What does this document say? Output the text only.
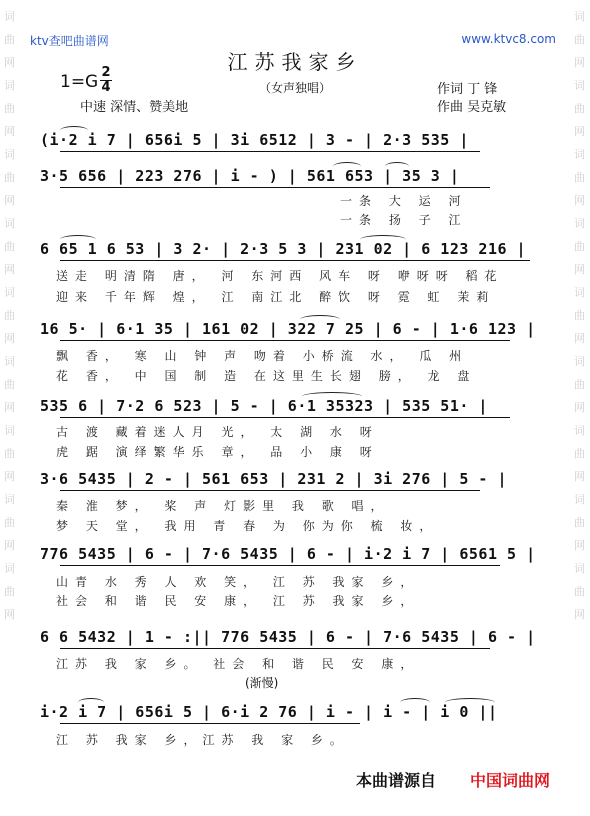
词
曲
网
词
曲
网
词
曲
网
词
曲
网
词
曲
网
词
曲
网
词
曲
网
词
曲
网
词
曲
网
词
曲
网
词
曲
网
词
曲
网
词
曲
网
词
曲
网
词
曲
网
词
曲
网
词
曲
网
词
曲
网
ktv查吧曲谱网	www.ktvc8.com
江苏我家乡
1=G 2
4	（女声独唱）	作词 丁 锋
作曲 吴克敏
中速 深情、赞美地
(i·2 i 7 | 656i 5 | 3i 6512 | 3 - | 2·3 535 |
3·5 656 | 223 276 | i - ) | 561 653 | 35 3 |
一条 大 运 河
一条 扬 子 江
6 65 1 6 53 | 3 2· | 2·3 5 3 | 231 02 | 6 123 216 |
送走 明清隋 唐， 河 东河西 风车 呀 咿呀呀 稻花
迎来 千年辉 煌， 江 南江北 醉饮 呀 霓 虹 茉莉
16 5· | 6·1 35 | 161 02 | 322 7 25 | 6 - | 1·6 123 |
飘 香， 寒 山 钟 声 吻着 小桥流 水， 瓜 州
花 香， 中 国 制 造 在这里生长翅 膀， 龙 盘
535 6 | 7·2 6 523 | 5 - | 6·1 35323 | 535 51· |
古 渡 藏着迷人月 光， 太 湖 水 呀
虎 踞 演绎繁华乐 章， 品 小 康 呀
3·6 5435 | 2 - | 561 653 | 231 2 | 3i 276 | 5 - |
秦 淮 梦， 桨 声 灯影里 我 歌 唱，
梦 天 堂， 我用 青 春 为 你为你 梳 妆，
776 5435 | 6 - | 7·6 5435 | 6 - | i·2 i 7 | 6561 5 |
山青 水 秀 人 欢 笑， 江 苏 我家 乡，
社会 和 谐 民 安 康， 江 苏 我家 乡，
6 6 5432 | 1 - :|| 776 5435 | 6 - | 7·6 5435 | 6 - |
江苏 我 家 乡。 社会 和 谐 民 安 康，
(渐慢)
i·2 i 7 | 656i 5 | 6·i 2 76 | i - | i - | i 0 ||
江 苏 我家 乡，江苏 我 家 乡。
本曲谱源自 中国词曲网
